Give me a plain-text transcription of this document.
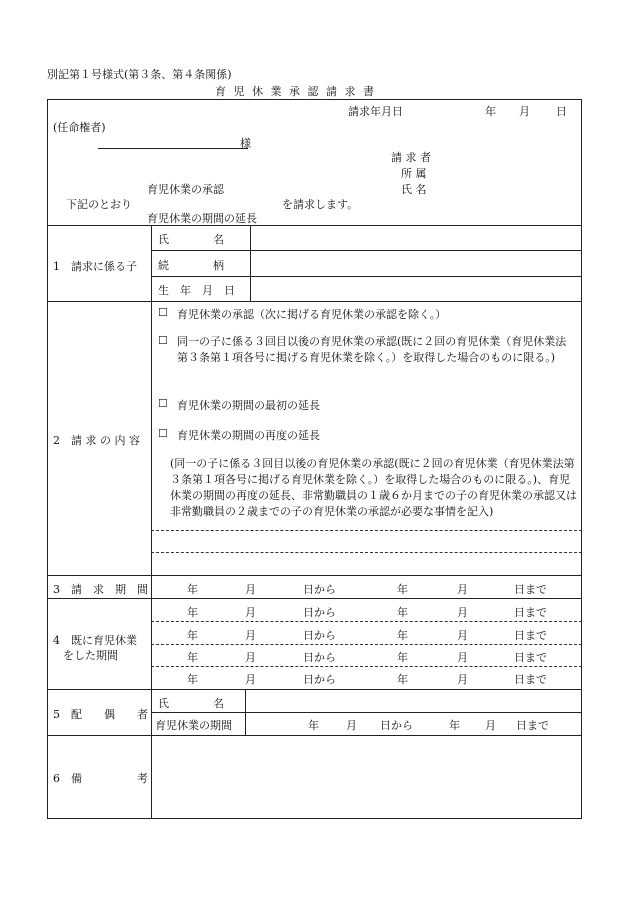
別記第１号様式(第３条、第４条関係)
育 児 休 業 承 認 請 求 書
請求年月日	年 月 日
(任命権者)
様
請 求 者
所 属
氏 名
育児休業の承認
下記のとおり	を請求します。
育児休業の期間の延長
1　請求に係る子
氏　　　　名
続　　　　柄
生　年　月　日
2　請 求 の 内 容
☐ 育児休業の承認（次に掲げる育児休業の承認を除く。）
☐ 同一の子に係る３回目以後の育児休業の承認(既に２回の育児休業（育児休業法第３条第１項各号に掲げる育児休業を除く。）を取得した場合のものに限る。)
☐ 育児休業の期間の最初の延長
☐ 育児休業の期間の再度の延長
(同一の子に係る３回目以後の育児休業の承認(既に２回の育児休業（育児休業法第３条第１項各号に掲げる育児休業を除く。）を取得した場合のものに限る。)、育児休業の期間の再度の延長、非常勤職員の１歳６か月までの子の育児休業の承認又は非常勤職員の２歳までの子の育児休業の承認が必要な事情を記入)
3　請　求　期　間	年	月	日から	年	月	日まで
4　既に育児休業
をした期間
年	月	日から	年	月	日まで
年	月	日から	年	月	日まで
年	月	日から	年	月	日まで
年	月	日から	年	月	日まで
5　配　　偶　　者
氏　　　　名
育児休業の期間	年 月 日から	年 月 日まで
6　備　　　　　考
